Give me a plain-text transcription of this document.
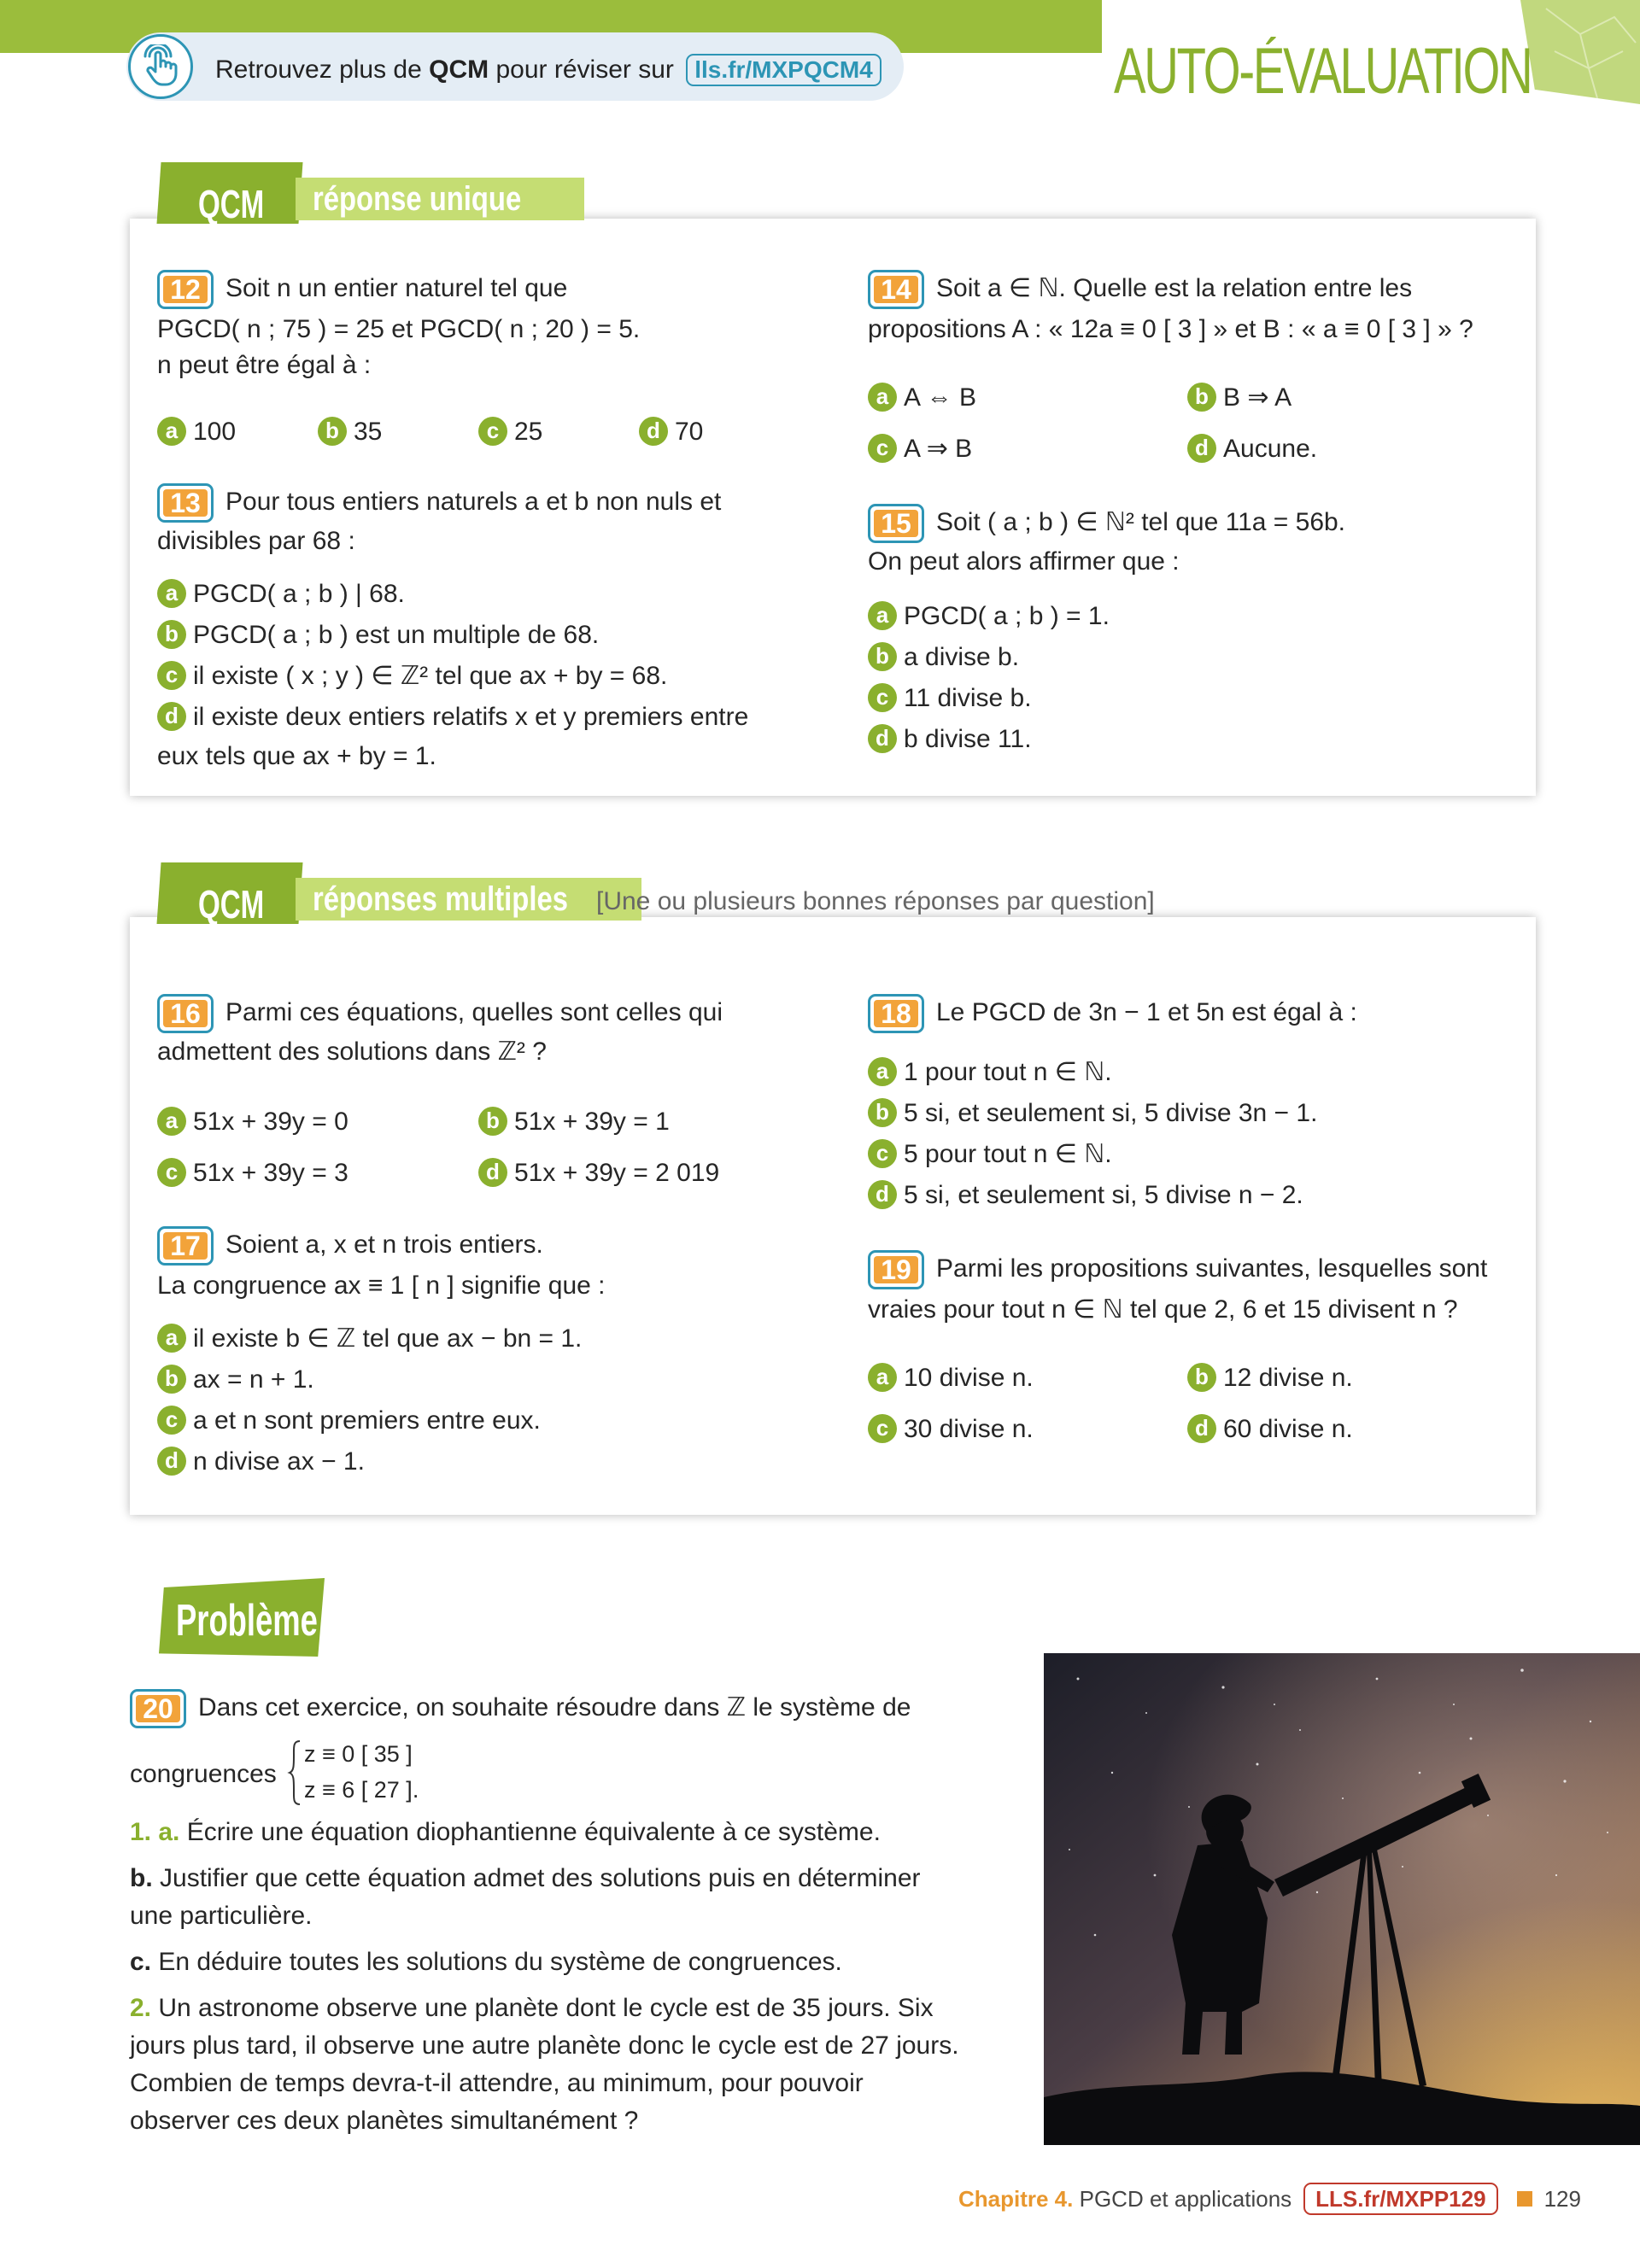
Retrouvez plus de QCM pour réviser sur lls.fr/MXPQCM4	AUTO-ÉVALUATION
QCM	réponse unique
12 Soit n un entier naturel tel que
PGCD( n ; 75 ) = 25 et PGCD( n ; 20 ) = 5.
n peut être égal à :
a 100	b 35	c 25	d 70
13 Pour tous entiers naturels a et b non nuls et
divisibles par 68 :
a PGCD( a ; b ) | 68.
b PGCD( a ; b ) est un multiple de 68.
c il existe ( x ; y ) ∈ ℤ² tel que ax + by = 68.
d il existe deux entiers relatifs x et y premiers entre
eux tels que ax + by = 1.
14 Soit a ∈ ℕ. Quelle est la relation entre les
propositions A : « 12a ≡ 0 [ 3 ] » et B : « a ≡ 0 [ 3 ] » ?
a A ⇔ B	b B ⇒ A
c A ⇒ B	d Aucune.
15 Soit ( a ; b ) ∈ ℕ² tel que 11a = 56b.
On peut alors affirmer que :
a PGCD( a ; b ) = 1.
b a divise b.
c 11 divise b.
d b divise 11.
QCM	réponses multiples	[Une ou plusieurs bonnes réponses par question]
16 Parmi ces équations, quelles sont celles qui
admettent des solutions dans ℤ² ?
a 51x + 39y = 0	b 51x + 39y = 1
c 51x + 39y = 3	d 51x + 39y = 2 019
17 Soient a, x et n trois entiers.
La congruence ax ≡ 1 [ n ] signifie que :
a il existe b ∈ ℤ tel que ax − bn = 1.
b ax = n + 1.
c a et n sont premiers entre eux.
d n divise ax − 1.
18 Le PGCD de 3n − 1 et 5n est égal à :
a 1 pour tout n ∈ ℕ.
b 5 si, et seulement si, 5 divise 3n − 1.
c 5 pour tout n ∈ ℕ.
d 5 si, et seulement si, 5 divise n − 2.
19 Parmi les propositions suivantes, lesquelles sont
vraies pour tout n ∈ ℕ tel que 2, 6 et 15 divisent n ?
a 10 divise n.	b 12 divise n.
c 30 divise n.	d 60 divise n.
Problème
20 Dans cet exercice, on souhaite résoudre dans ℤ le système de
congruences
z ≡ 0 [ 35 ]
z ≡ 6 [ 27 ].
1. a. Écrire une équation diophantienne équivalente à ce système.
b. Justifier que cette équation admet des solutions puis en déterminer
une particulière.
c. En déduire toutes les solutions du système de congruences.
2. Un astronome observe une planète dont le cycle est de 35 jours. Six
jours plus tard, il observe une autre planète donc le cycle est de 27 jours.
Combien de temps devra-t-il attendre, au minimum, pour pouvoir
observer ces deux planètes simultanément ?
Chapitre 4. PGCD et applications LLS.fr/MXPP129	129
